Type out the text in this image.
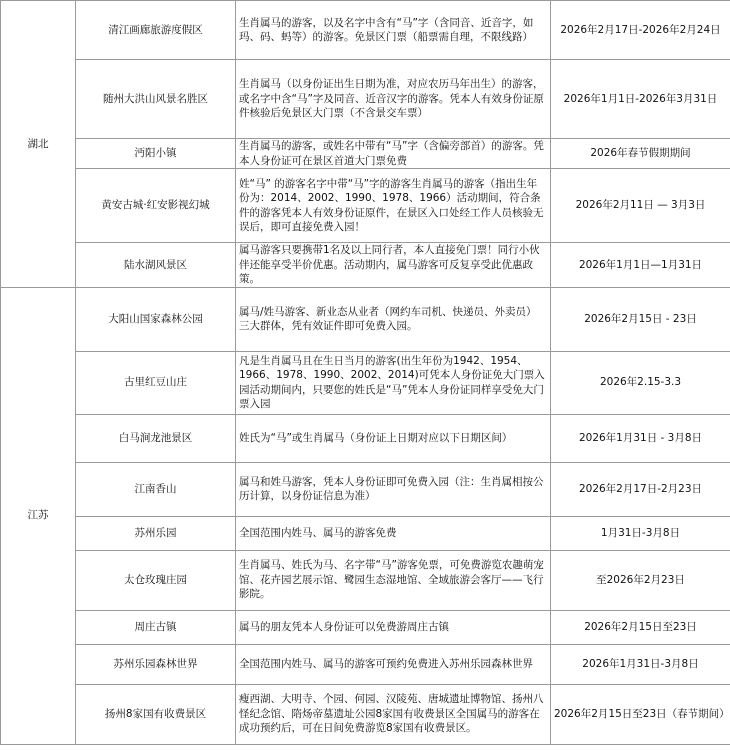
湖北	清江画廊旅游度假区	生肖属马的游客，以及名字中含有“马”字（含同音、近音字，如玛、码、蚂等）的游客。免景区门票（船票需自理，不限线路）	2026年2月17日-2026年2月24日
	随州大洪山风景名胜区	生肖属马（以身份证出生日期为准，对应农历马年出生）的游客，或名字中含“马”字及同音、近音汉字的游客。凭本人有效身份证原件核验后免景区大门票（不含景交车票）	2026年1月1日-2026年3月31日
	沔阳小镇	生肖属马的游客，或姓名中带有“马”字（含偏旁部首）的游客。凭本人身份证可在景区首道大门票免费	2026年春节假期期间
	黄安古城·红安影视幻城	姓“马” 的游客名字中带“马”字的游客生肖属马的游客（指出生年份为：2014、2002、1990、1978、1966）活动期间，符合条件的游客凭本人有效身份证原件，在景区入口处经工作人员核验无误后，即可直接免费入园！	2026年2月11日 — 3月3日
	陆水湖风景区	属马游客只要携带1名及以上同行者，本人直接免门票！同行小伙伴还能享受半价优惠。活动期内，属马游客可反复享受此优惠政策。	2026年1月1日—1月31日
江苏	大阳山国家森林公园	属马/姓马游客、新业态从业者（网约车司机、快递员、外卖员）三大群体，凭有效证件即可免费入园。	2026年2月15日 - 23日
	古里红豆山庄	凡是生肖属马且在生日当月的游客(出生年份为1942、1954、1966、1978、1990、2002、2014)可凭本人身份证免大门票入园活动期间内，只要您的姓氏是“马”凭本人身份证同样享受免大门票入园	2026年2.15-3.3
	白马涧龙池景区	姓氏为“马”或生肖属马（身份证上日期对应以下日期区间）	2026年1月31日 - 3月8日
	江南香山	属马和姓马游客，凭本人身份证即可免费入园（注：生肖属相按公历计算，以身份证信息为准）	2026年2月17日-2月23日
	苏州乐园	全国范围内姓马、属马的游客免费	1月31日-3月8日
	太仓玫瑰庄园	生肖属马、姓氏为马、名字带“马”游客免票，可免费游览农趣萌宠馆、花卉园艺展示馆、鹭园生态湿地馆、全域旅游会客厅——飞行影院。	至2026年2月23日
	周庄古镇	属马的朋友凭本人身份证可以免费游周庄古镇	2026年2月15日至23日
	苏州乐园森林世界	全国范围内姓马、属马的游客可预约免费进入苏州乐园森林世界	2026年1月31日-3月8日
	扬州8家国有收费景区	瘦西湖、大明寺、个园、何园、汉陵苑、唐城遗址博物馆、扬州八怪纪念馆、隋炀帝墓遗址公园8家国有收费景区全国属马的游客在成功预约后，可在日间免费游览8家国有收费景区。	2026年2月15日至23日（春节期间）
